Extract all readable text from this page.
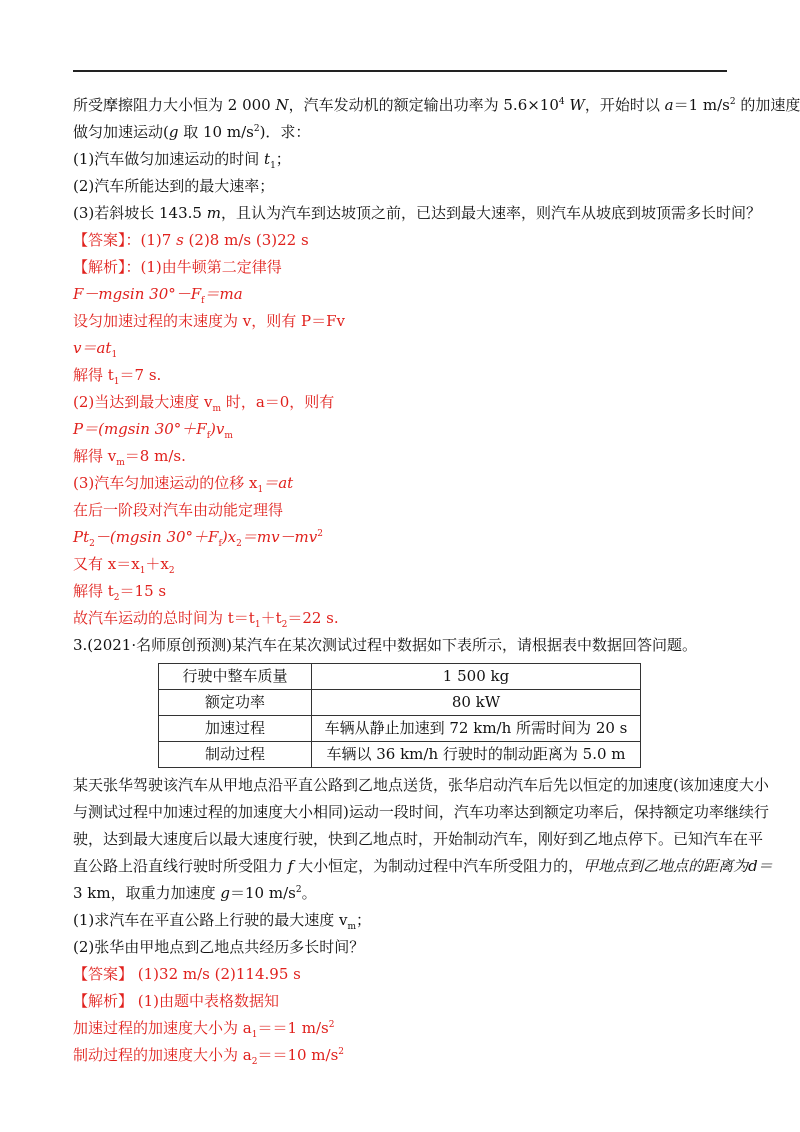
所受摩擦阻力大小恒为 2 000 N，汽车发动机的额定输出功率为 $5.6\times 10^4$ W，开始时以 a＝1 $m/s^2$ 的加速度
做匀加速运动(g 取 10 $m/s^2$)．求：
(1)汽车做匀加速运动的时间 $t_1$；
(2)汽车所能达到的最大速率；
(3)若斜坡长 143.5 m，且认为汽车到达坡顶之前，已达到最大速率，则汽车从坡底到坡顶需多长时间？
【答案】：(1)7 s (2)8 m/s (3)22 s
【解析】：(1)由牛顿第二定律得
F－mgsin $30^\circ-F_f=ma$
设匀加速过程的末速度为 v，则有 P＝Fv
$v=at_1$
解得 $t_1=7$ s.
(2)当达到最大速度 $v_m$ 时，a＝0，则有
P＝(mgsin $30^\circ+F_f)v_m$
解得 $v_m=8$ m/s.
(3)汽车匀加速运动的位移 $x_1=at$
在后一阶段对汽车由动能定理得
$Pt_2-(mgsin$ $30^\circ+F_f)x_2=mv-mv^2$
又有 $x=x_1+x_2$
解得 $t_2=15$ s
故汽车运动的总时间为 $t=t_1+t_2=22$ s.
3.(2021·名师原创预测)某汽车在某次测试过程中数据如下表所示，请根据表中数据回答问题。
行驶中整车质量	1 500 kg
额定功率	80 kW
加速过程	车辆从静止加速到 72 km/h 所需时间为 20 s
制动过程	车辆以 36 km/h 行驶时的制动距离为 5.0 m
某天张华驾驶该汽车从甲地点沿平直公路到乙地点送货，张华启动汽车后先以恒定的加速度(该加速度大小
与测试过程中加速过程的加速度大小相同)运动一段时间，汽车功率达到额定功率后，保持额定功率继续行
驶，达到最大速度后以最大速度行驶，快到乙地点时，开始制动汽车，刚好到乙地点停下。已知汽车在平
直公路上沿直线行驶时所受阻力 f 大小恒定，为制动过程中汽车所受阻力的，甲地点到乙地点的距离为d＝
3 km，取重力加速度 g＝10 $m/s^2$。
(1)求汽车在平直公路上行驶的最大速度 $v_m$；
(2)张华由甲地点到乙地点共经历多长时间？
【答案】 (1)32 m/s (2)114.95 s
【解析】 (1)由题中表格数据知
加速过程的加速度大小为 $a_1==1$ $m/s^2$
制动过程的加速度大小为 $a_2==10$ $m/s^2$
